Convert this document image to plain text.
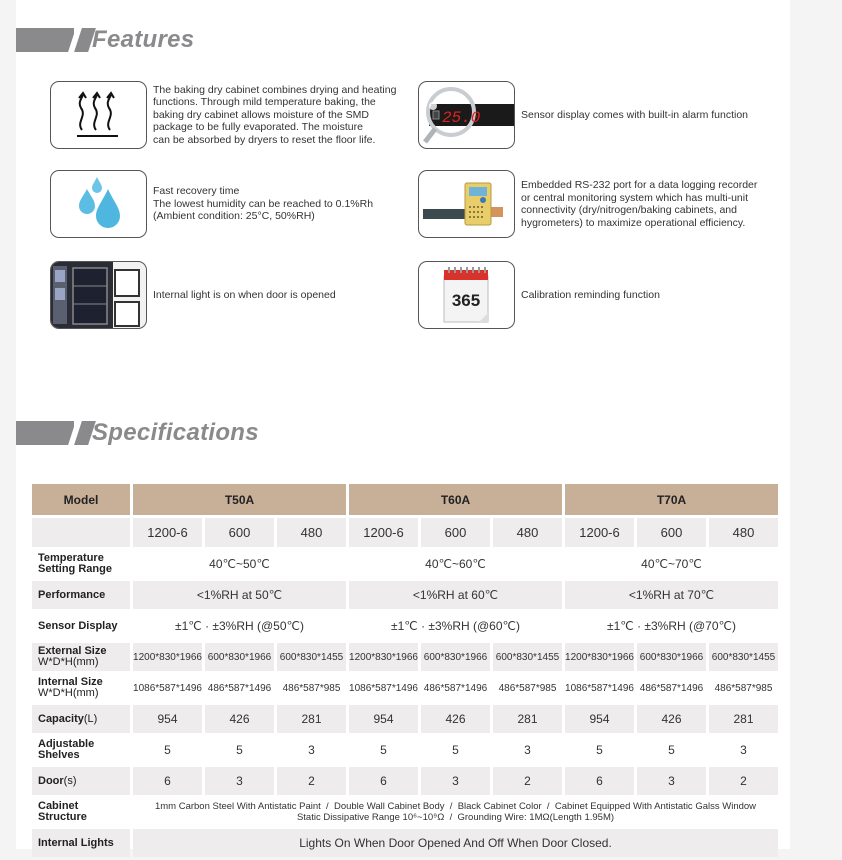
Features
The baking dry cabinet combines drying and heating
functions. Through mild temperature baking, the
baking dry cabinet allows moisture of the SMD
package to be fully evaporated. The moisture
can be absorbed by dryers to reset the floor life.
25.0	Sensor display comes with built-in alarm function
Fast recovery time
The lowest humidity can be reached to 0.1%Rh
(Ambient condition: 25°C, 50%RH)
Embedded RS-232 port for a data logging recorder
or central monitoring system which has multi-unit
connectivity (dry/nitrogen/baking cabinets, and
hygrometers) to maximize operational efficiency.
Internal light is on when door is opened	365	Calibration reminding function
Specifications
Model	T50A			T60A			T70A		
	1200-6	600	480	1200-6	600	480	1200-6	600	480

Temperature
Setting Range	40℃~50℃			40℃~60℃			40℃~70℃		
Performance	<1%RH at 50℃			<1%RH at 60℃			<1%RH at 70℃		
Sensor Display	±1℃ · ±3%RH (@50℃)			±1℃ · ±3%RH (@60℃)			±1℃ · ±3%RH (@70℃)		

External Size
W*D*H(mm)	1200*830*1966	600*830*1966	600*830*1455	1200*830*1966	600*830*1966	600*830*1455	1200*830*1966	600*830*1966	600*830*1455

Internal Size
W*D*H(mm)	1086*587*1496	486*587*1496	486*587*985	1086*587*1496	486*587*1496	486*587*985	1086*587*1496	486*587*1496	486*587*985
Capacity(L)	954	426	281	954	426	281	954	426	281

Adjustable
Shelves	5	5	3	5	5	3	5	5	3
Door(s)	6	3	2	6	3	2	6	3	2
Cabinet Structure	1mm Carbon Steel With Antistatic Paint  /  Double Wall Cabinet Body  /  Black Cabinet Color  /  Cabinet Equipped With Antistatic Galss Window
Static Dissipative Range 10⁶~10⁹Ω  /  Grounding Wire: 1MΩ(Length 1.95M)								

Internal Lights	Lights On When Door Opened And Off When Door Closed.								
